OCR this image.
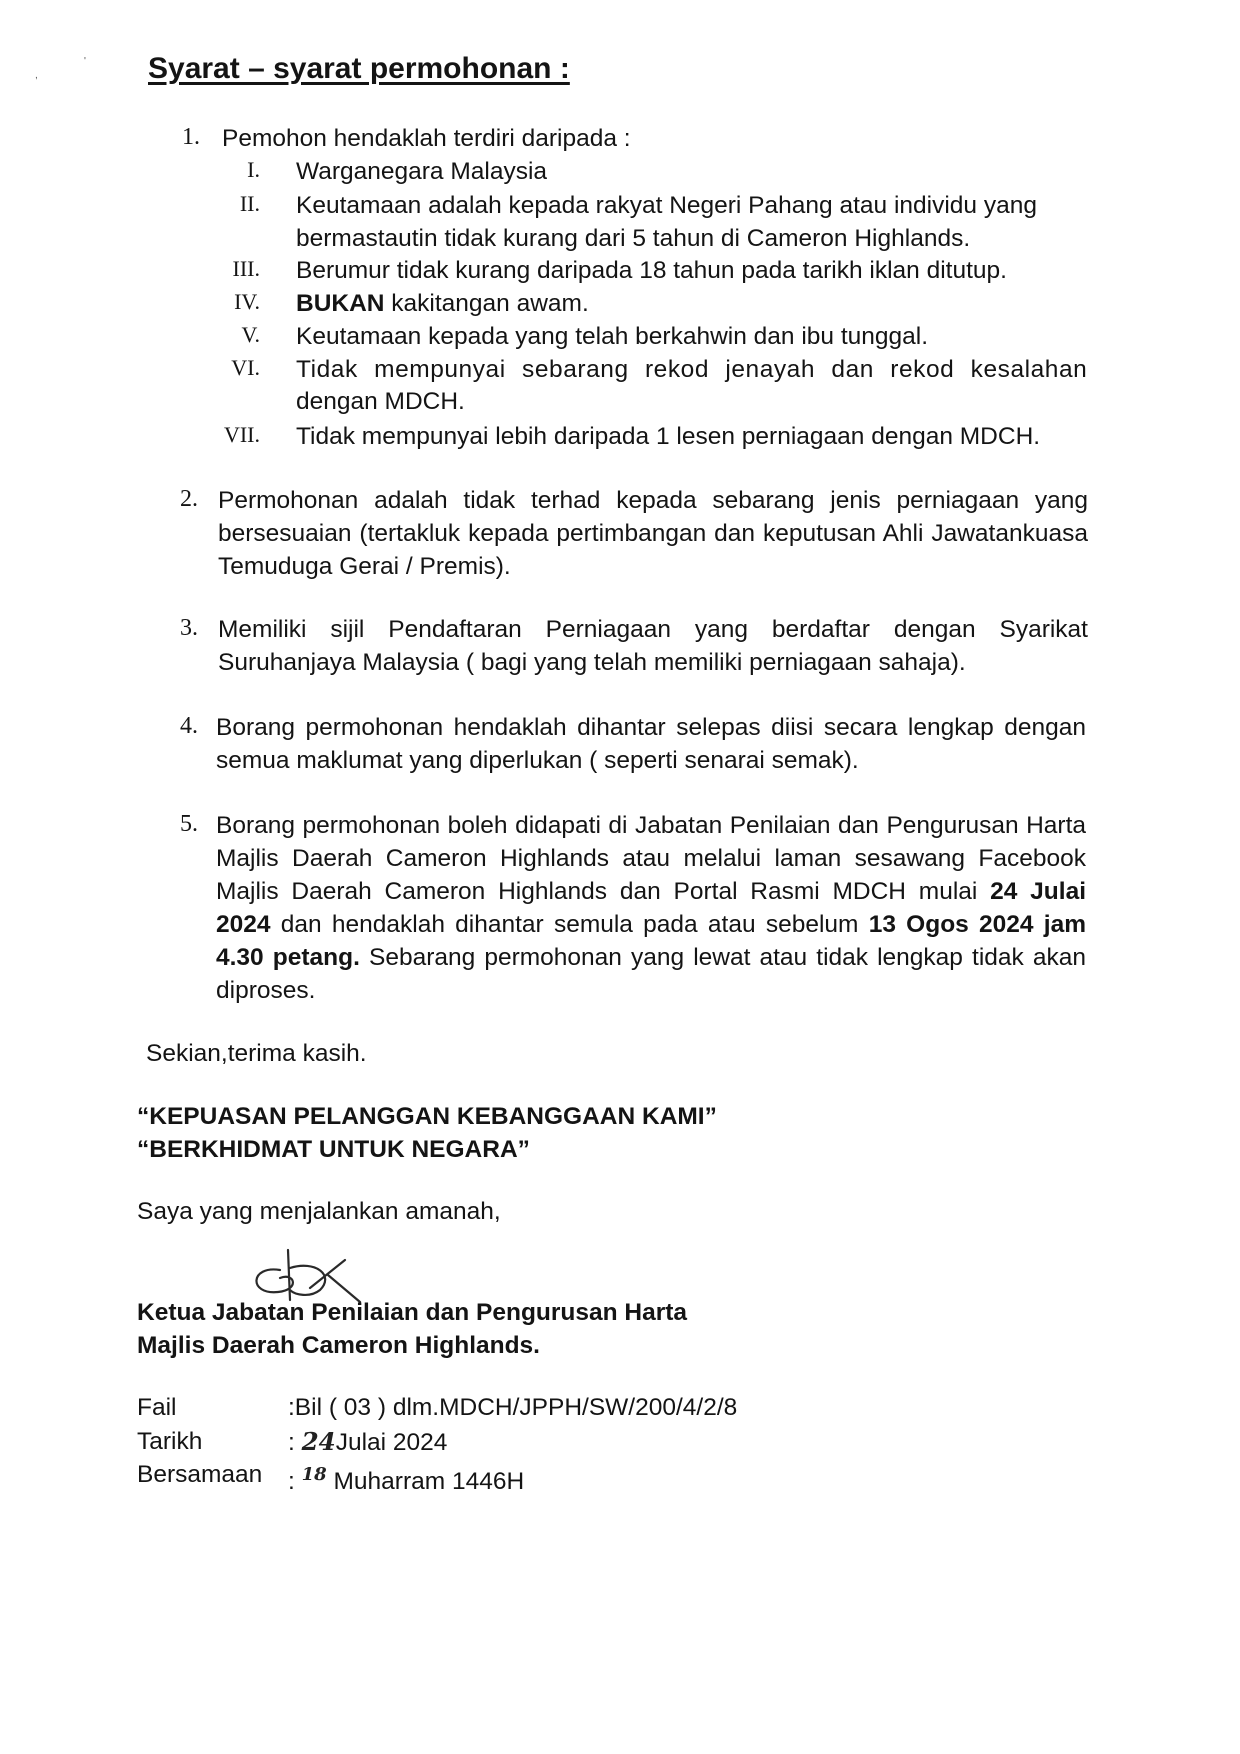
,
' Syarat – syarat permohonan :
1. Pemohon hendaklah terdiri daripada :

I. Warganegara Malaysia

II. Keutamaan adalah kepada rakyat Negeri Pahang atau individu yang

bermastautin tidak kurang dari 5 tahun di Cameron Highlands.

III. Berumur tidak kurang daripada 18 tahun pada tarikh iklan ditutup.

IV. BUKAN kakitangan awam.

V. Keutamaan kepada yang telah berkahwin dan ibu tunggal.

VI. Tidak mempunyai sebarang rekod jenayah dan rekod kesalahan

dengan MDCH.

VII. Tidak mempunyai lebih daripada 1 lesen perniagaan dengan MDCH.

2. Permohonan adalah tidak terhad kepada sebarang jenis perniagaan yang bersesuaian (tertakluk kepada pertimbangan dan keputusan Ahli Jawatankuasa Temuduga Gerai / Premis).

3. Memiliki sijil Pendaftaran Perniagaan yang berdaftar dengan Syarikat Suruhanjaya Malaysia ( bagi yang telah memiliki perniagaan sahaja).

4. Borang permohonan hendaklah dihantar selepas diisi secara lengkap dengan semua maklumat yang diperlukan ( seperti senarai semak).

5. Borang permohonan boleh didapati di Jabatan Penilaian dan Pengurusan Harta Majlis Daerah Cameron Highlands atau melalui laman sesawang Facebook Majlis Daerah Cameron Highlands dan Portal Rasmi MDCH mulai 24 Julai 2024 dan hendaklah dihantar semula pada atau sebelum 13 Ogos 2024 jam 4.30 petang. Sebarang permohonan yang lewat atau tidak lengkap tidak akan diproses.

Sekian,terima kasih.

“KEPUASAN PELANGGAN KEBANGGAAN KAMI”

“BERKHIDMAT UNTUK NEGARA”

Saya yang menjalankan amanah,

Ketua Jabatan Penilaian dan Pengurusan Harta

Majlis Daerah Cameron Highlands.

Fail	:Bil ( 03 ) dlm.MDCH/JPPH/SW/200/4/2/8
Tarikh	: 24Julai 2024
Bersamaan : $^{18}$ Muharram 1446H
